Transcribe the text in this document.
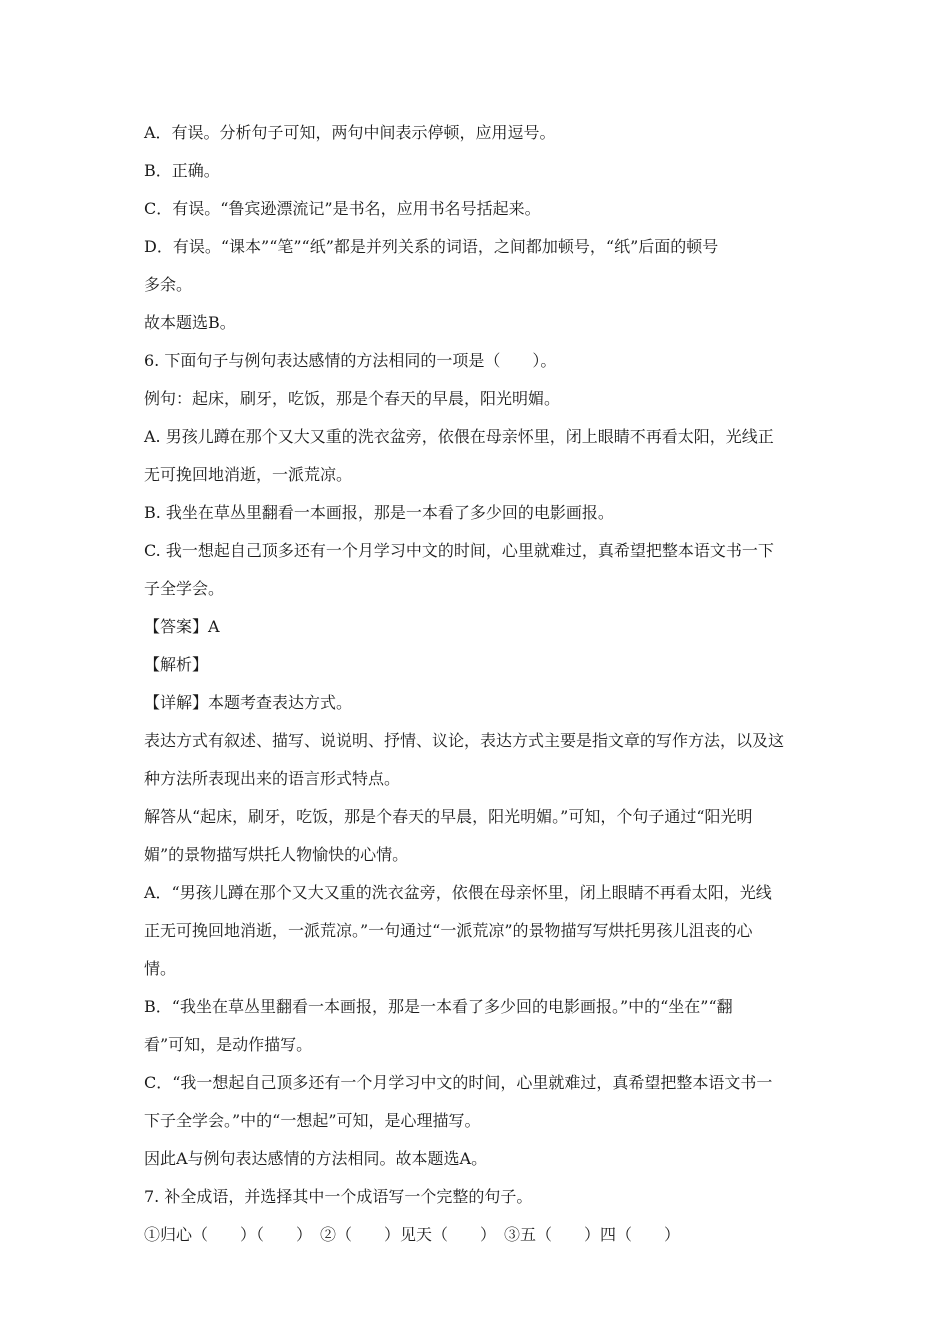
A．有误。分析句子可知，两句中间表示停顿，应用逗号。
B．正确。
C．有误。“鲁宾逊漂流记”是书名，应用书名号括起来。
D．有误。“课本”“笔”“纸”都是并列关系的词语，之间都加顿号，“纸”后面的顿号
多余。
故本题选B。
6. 下面句子与例句表达感情的方法相同的一项是（　　）。
例句：起床，刷牙，吃饭，那是个春天的早晨，阳光明媚。
A. 男孩儿蹲在那个又大又重的洗衣盆旁，依偎在母亲怀里，闭上眼睛不再看太阳，光线正
无可挽回地消逝，一派荒凉。
B. 我坐在草丛里翻看一本画报，那是一本看了多少回的电影画报。
C. 我一想起自己顶多还有一个月学习中文的时间，心里就难过，真希望把整本语文书一下
子全学会。
【答案】A
【解析】
【详解】本题考查表达方式。
表达方式有叙述、描写、说说明、抒情、议论，表达方式主要是指文章的写作方法，以及这
种方法所表现出来的语言形式特点。
解答从“起床，刷牙，吃饭，那是个春天的早晨，阳光明媚。”可知，个句子通过“阳光明
媚”的景物描写烘托人物愉快的心情。
A．“男孩儿蹲在那个又大又重的洗衣盆旁，依偎在母亲怀里，闭上眼睛不再看太阳，光线
正无可挽回地消逝，一派荒凉。”一句通过“一派荒凉”的景物描写写烘托男孩儿沮丧的心
情。
B．“我坐在草丛里翻看一本画报，那是一本看了多少回的电影画报。”中的“坐在”“翻
看”可知，是动作描写。
C．“我一想起自己顶多还有一个月学习中文的时间，心里就难过，真希望把整本语文书一
下子全学会。”中的“一想起”可知，是心理描写。
因此A与例句表达感情的方法相同。故本题选A。
7. 补全成语，并选择其中一个成语写一个完整的句子。
①归心（　　）（　　）　②（　　）见天（　　）　③五（　　）四（　　）
